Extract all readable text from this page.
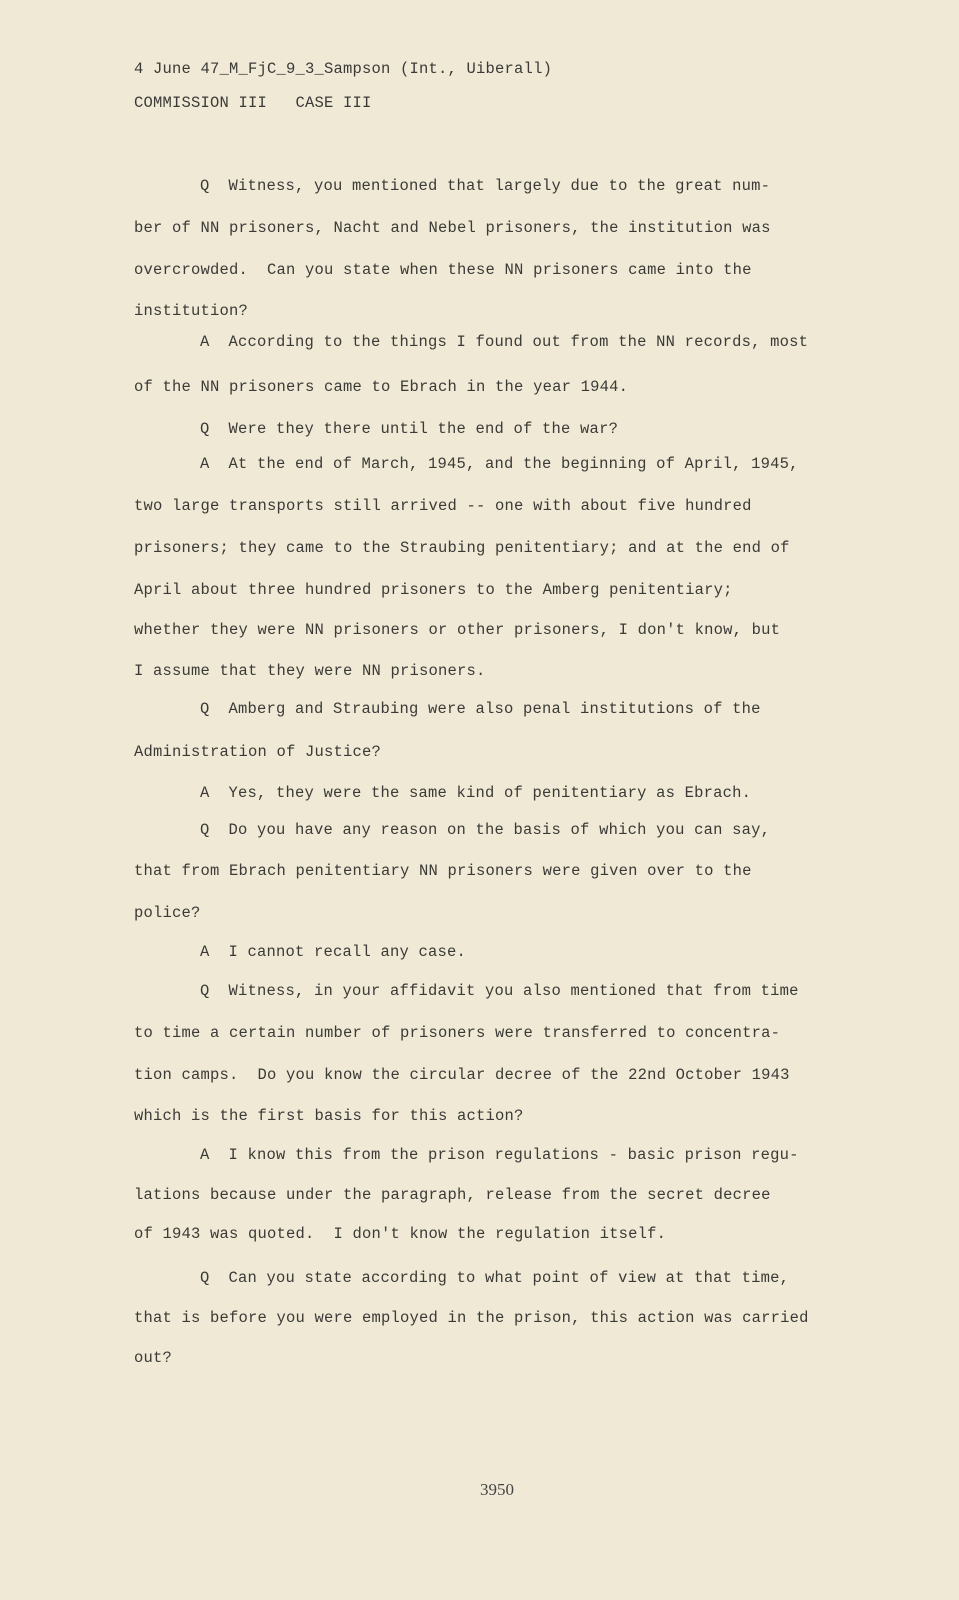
4 June 47_M_FjC_9_3_Sampson (Int., Uiberall)
COMMISSION III   CASE III
Q  Witness, you mentioned that largely due to the great num-
ber of NN prisoners, Nacht and Nebel prisoners, the institution was
overcrowded.  Can you state when these NN prisoners came into the
institution?
A  According to the things I found out from the NN records, most
of the NN prisoners came to Ebrach in the year 1944.
Q  Were they there until the end of the war?
A  At the end of March, 1945, and the beginning of April, 1945,
two large transports still arrived -- one with about five hundred
prisoners; they came to the Straubing penitentiary; and at the end of
April about three hundred prisoners to the Amberg penitentiary;
whether they were NN prisoners or other prisoners, I don't know, but
I assume that they were NN prisoners.
Q  Amberg and Straubing were also penal institutions of the
Administration of Justice?
A  Yes, they were the same kind of penitentiary as Ebrach.
Q  Do you have any reason on the basis of which you can say,
that from Ebrach penitentiary NN prisoners were given over to the
police?
A  I cannot recall any case.
Q  Witness, in your affidavit you also mentioned that from time
to time a certain number of prisoners were transferred to concentra-
tion camps.  Do you know the circular decree of the 22nd October 1943
which is the first basis for this action?
A  I know this from the prison regulations - basic prison regu-
lations because under the paragraph, release from the secret decree
of 1943 was quoted.  I don't know the regulation itself.
Q  Can you state according to what point of view at that time,
that is before you were employed in the prison, this action was carried
out?
3950
